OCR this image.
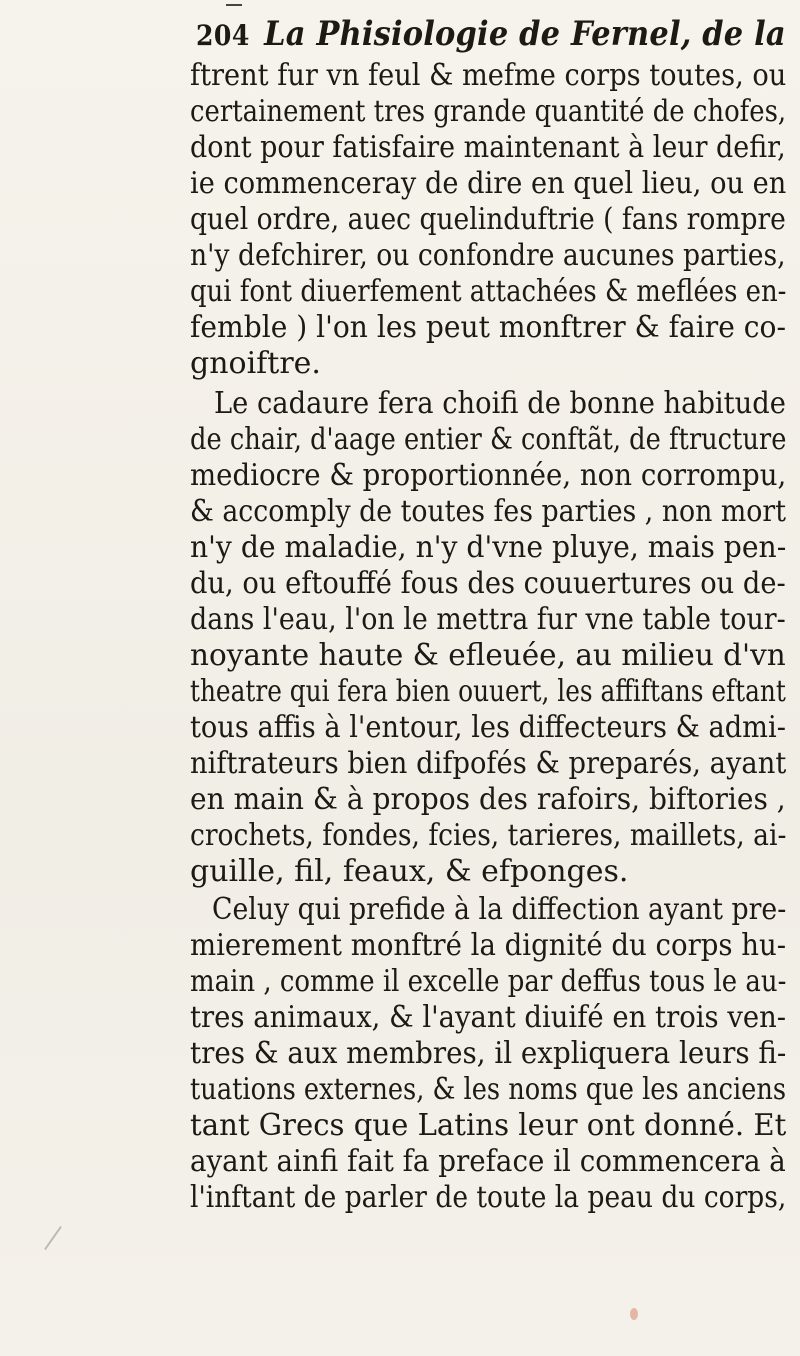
204 La Phisiologie de Fernel, de la
ftrent fur vn feul & mefme corps toutes, ou
certainement tres grande quantité de chofes,
dont pour fatisfaire maintenant à leur defir,
ie commenceray de dire en quel lieu, ou en
quel ordre, auec quelinduftrie ( fans rompre
n'y defchirer, ou confondre aucunes parties,
qui font diuerfement attachées & meflées en-
femble ) l'on les peut monftrer & faire co-
gnoiftre.
Le cadaure fera choifi de bonne habitude
de chair, d'aage entier & conftãt, de ftructure
mediocre & proportionnée, non corrompu,
& accomply de toutes fes parties , non mort
n'y de maladie, n'y d'vne pluye, mais pen-
du, ou eftouffé fous des couuertures ou de-
dans l'eau, l'on le mettra fur vne table tour-
noyante haute & efleuée, au milieu d'vn
theatre qui fera bien ouuert, les affiftans eftant
tous affis à l'entour, les diffecteurs & admi-
niftrateurs bien difpofés & preparés, ayant
en main & à propos des rafoirs, biftories ,
crochets, fondes, fcies, tarieres, maillets, ai-
guille, fil, feaux, & efponges.
Celuy qui prefide à la diffection ayant pre-
mierement monftré la dignité du corps hu-
main , comme il excelle par deffus tous le au-
tres animaux, & l'ayant diuifé en trois ven-
tres & aux membres, il expliquera leurs fi-
tuations externes, & les noms que les anciens
tant Grecs que Latins leur ont donné. Et
ayant ainfi fait fa preface il commencera à
l'inftant de parler de toute la peau du corps,
